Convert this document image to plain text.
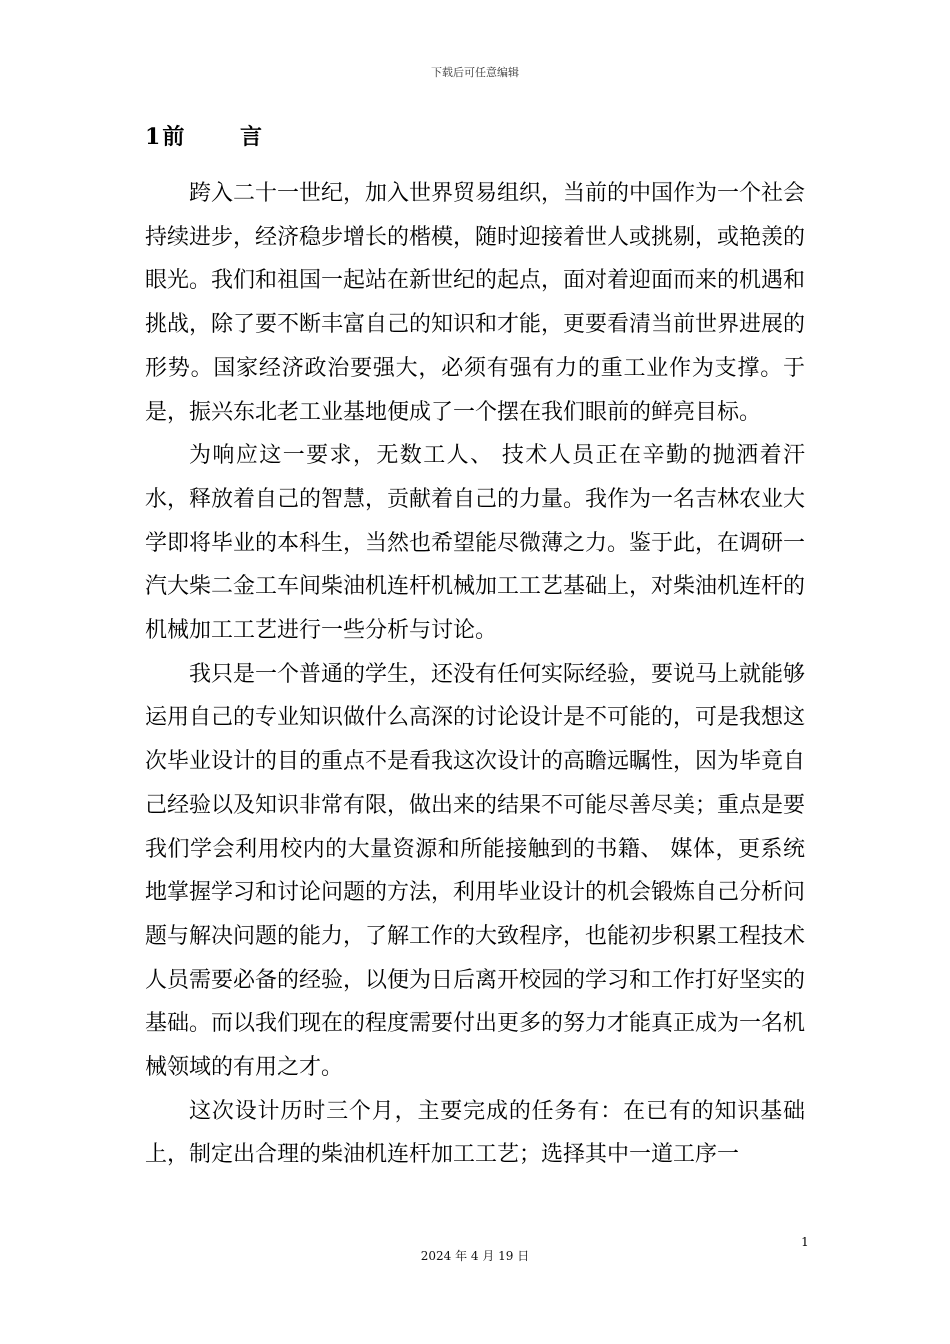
下载后可任意编辑
1前 言

跨入二十一世纪，加入世界贸易组织，当前的中国作为一个社会持续进步，经济稳步增长的楷模，随时迎接着世人或挑剔，或艳羡的眼光。我们和祖国一起站在新世纪的起点，面对着迎面而来的机遇和挑战，除了要不断丰富自己的知识和才能，更要看清当前世界进展的形势。国家经济政治要强大，必须有强有力的重工业作为支撑。于是，振兴东北老工业基地便成了一个摆在我们眼前的鲜亮目标。

为响应这一要求，无数工人、 技术人员正在辛勤的抛洒着汗水，释放着自己的智慧，贡献着自己的力量。我作为一名吉林农业大学即将毕业的本科生，当然也希望能尽微薄之力。鉴于此，在调研一汽大柴二金工车间柴油机连杆机械加工工艺基础上，对柴油机连杆的机械加工工艺进行一些分析与讨论。

我只是一个普通的学生，还没有任何实际经验，要说马上就能够运用自己的专业知识做什么高深的讨论设计是不可能的，可是我想这次毕业设计的目的重点不是看我这次设计的高瞻远瞩性，因为毕竟自己经验以及知识非常有限，做出来的结果不可能尽善尽美；重点是要我们学会利用校内的大量资源和所能接触到的书籍、 媒体，更系统地掌握学习和讨论问题的方法，利用毕业设计的机会锻炼自己分析问题与解决问题的能力，了解工作的大致程序，也能初步积累工程技术人员需要必备的经验，以便为日后离开校园的学习和工作打好坚实的基础。而以我们现在的程度需要付出更多的努力才能真正成为一名机械领域的有用之才。

这次设计历时三个月，主要完成的任务有：在已有的知识基础上，制定出合理的柴油机连杆加工工艺；选择其中一道工序一

1
2024 年 4 月 19 日
